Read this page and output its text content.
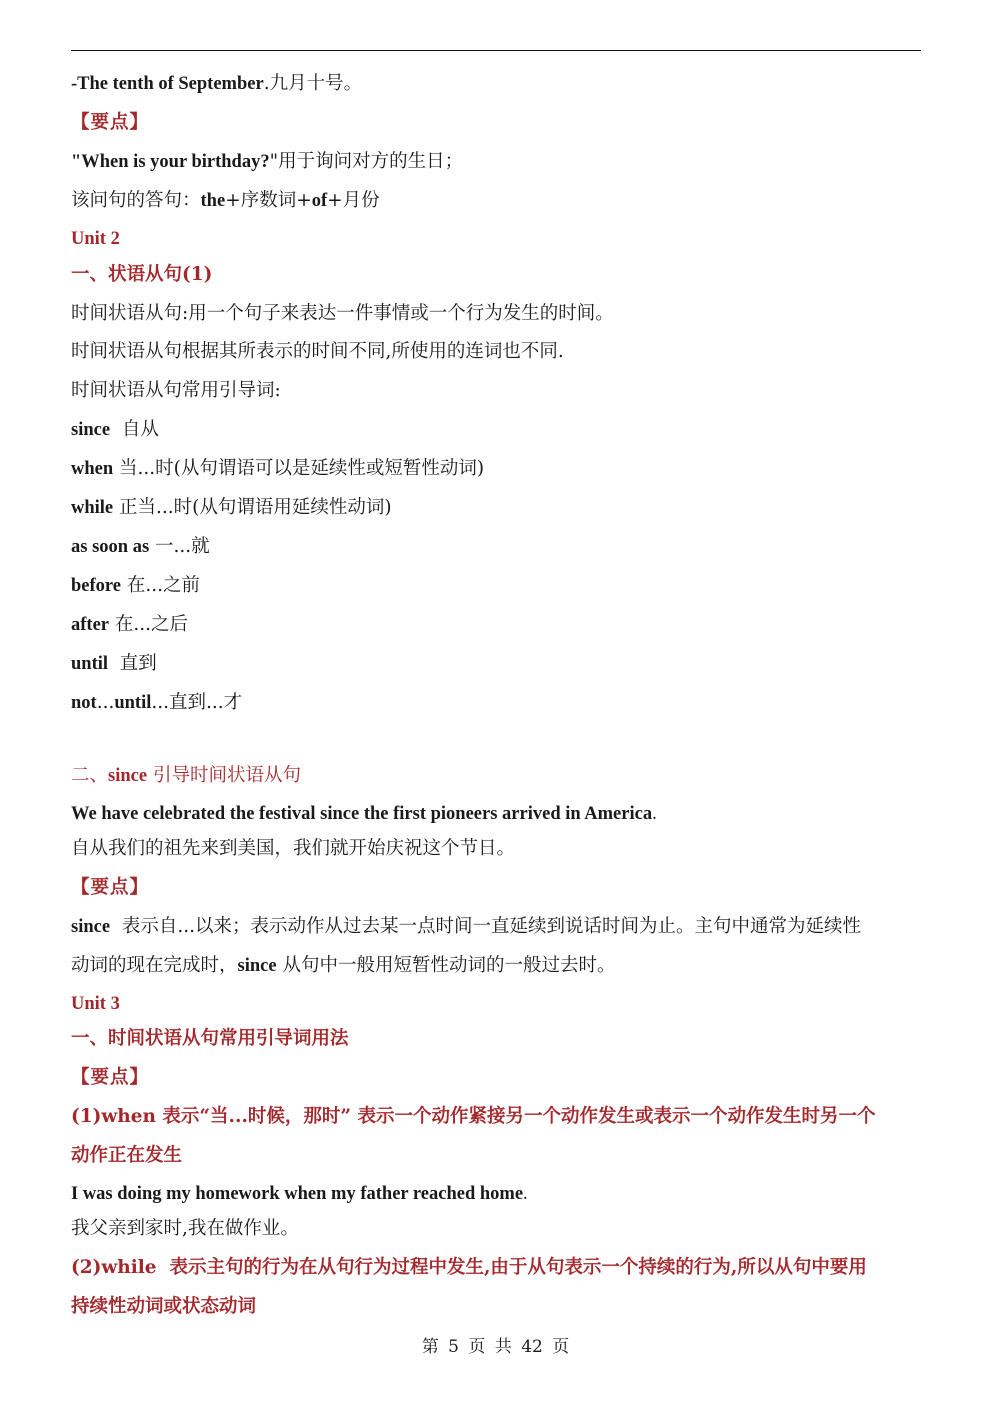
-The tenth of September.九月十号。
【要点】
"When is your birthday?"用于询问对方的生日；
该问句的答句：the+序数词+of+月份
Unit 2
一、状语从句(1)
时间状语从句:用一个句子来表达一件事情或一个行为发生的时间。
时间状语从句根据其所表示的时间不同,所使用的连词也不同.
时间状语从句常用引导词:
since  自从
when 当...时(从句谓语可以是延续性或短暂性动词)
while 正当...时(从句谓语用延续性动词)
as soon as 一...就
before 在...之前
after 在...之后
until  直到
not...until...直到...才
二、since 引导时间状语从句
We have celebrated the festival since the first pioneers arrived in America.
自从我们的祖先来到美国，我们就开始庆祝这个节日。
【要点】
since  表示自...以来；表示动作从过去某一点时间一直延续到说话时间为止。主句中通常为延续性
动词的现在完成时，since 从句中一般用短暂性动词的一般过去时。
Unit 3
一、时间状语从句常用引导词用法
【要点】
(1)when 表示“当...时候，那时” 表示一个动作紧接另一个动作发生或表示一个动作发生时另一个
动作正在发生
I was doing my homework when my father reached home.
我父亲到家时,我在做作业。
(2)while  表示主句的行为在从句行为过程中发生,由于从句表示一个持续的行为,所以从句中要用
持续性动词或状态动词
第 5 页 共 42 页
